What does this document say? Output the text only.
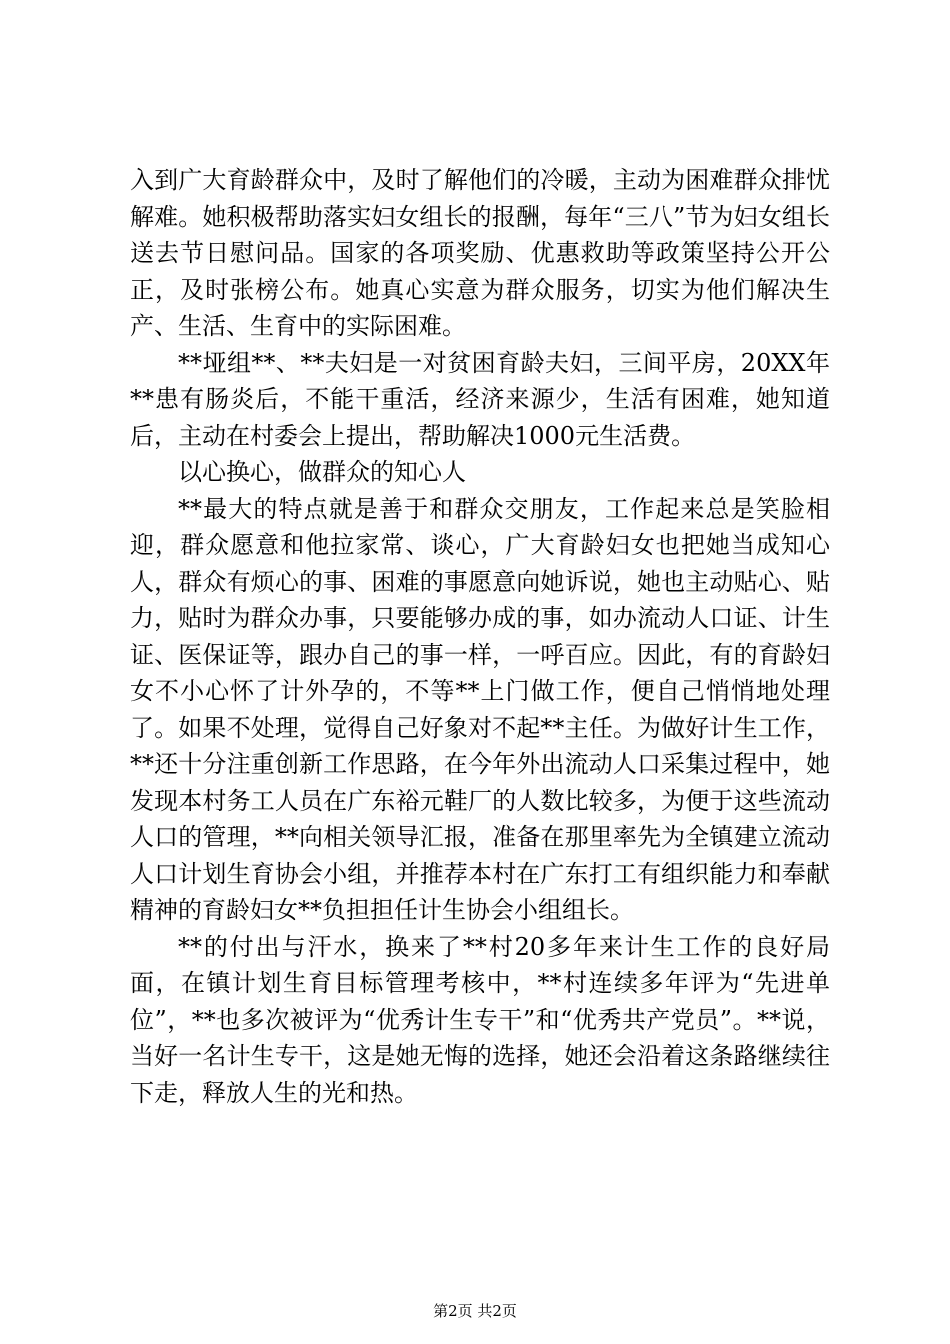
入到广大育龄群众中，及时了解他们的冷暖，主动为困难群众排忧解难。她积极帮助落实妇女组长的报酬，每年“三八”节为妇女组长送去节日慰问品。国家的各项奖励、优惠救助等政策坚持公开公正，及时张榜公布。她真心实意为群众服务，切实为他们解决生产、生活、生育中的实际困难。

**垭组**、**夫妇是一对贫困育龄夫妇，三间平房，20XX年**患有肠炎后，不能干重活，经济来源少，生活有困难，她知道后，主动在村委会上提出，帮助解决1000元生活费。

以心换心，做群众的知心人

**最大的特点就是善于和群众交朋友，工作起来总是笑脸相迎，群众愿意和他拉家常、谈心，广大育龄妇女也把她当成知心人，群众有烦心的事、困难的事愿意向她诉说，她也主动贴心、贴力，贴时为群众办事，只要能够办成的事，如办流动人口证、计生证、医保证等，跟办自己的事一样，一呼百应。因此，有的育龄妇女不小心怀了计外孕的，不等**上门做工作，便自己悄悄地处理了。如果不处理，觉得自己好象对不起**主任。为做好计生工作，**还十分注重创新工作思路，在今年外出流动人口采集过程中，她发现本村务工人员在广东裕元鞋厂的人数比较多，为便于这些流动人口的管理，**向相关领导汇报，准备在那里率先为全镇建立流动人口计划生育协会小组，并推荐本村在广东打工有组织能力和奉献精神的育龄妇女**负担担任计生协会小组组长。

**的付出与汗水，换来了**村20多年来计生工作的良好局面，在镇计划生育目标管理考核中，**村连续多年评为“先进单位”，**也多次被评为“优秀计生专干”和“优秀共产党员”。**说，当好一名计生专干，这是她无悔的选择，她还会沿着这条路继续往下走，释放人生的光和热。

第2页 共2页
